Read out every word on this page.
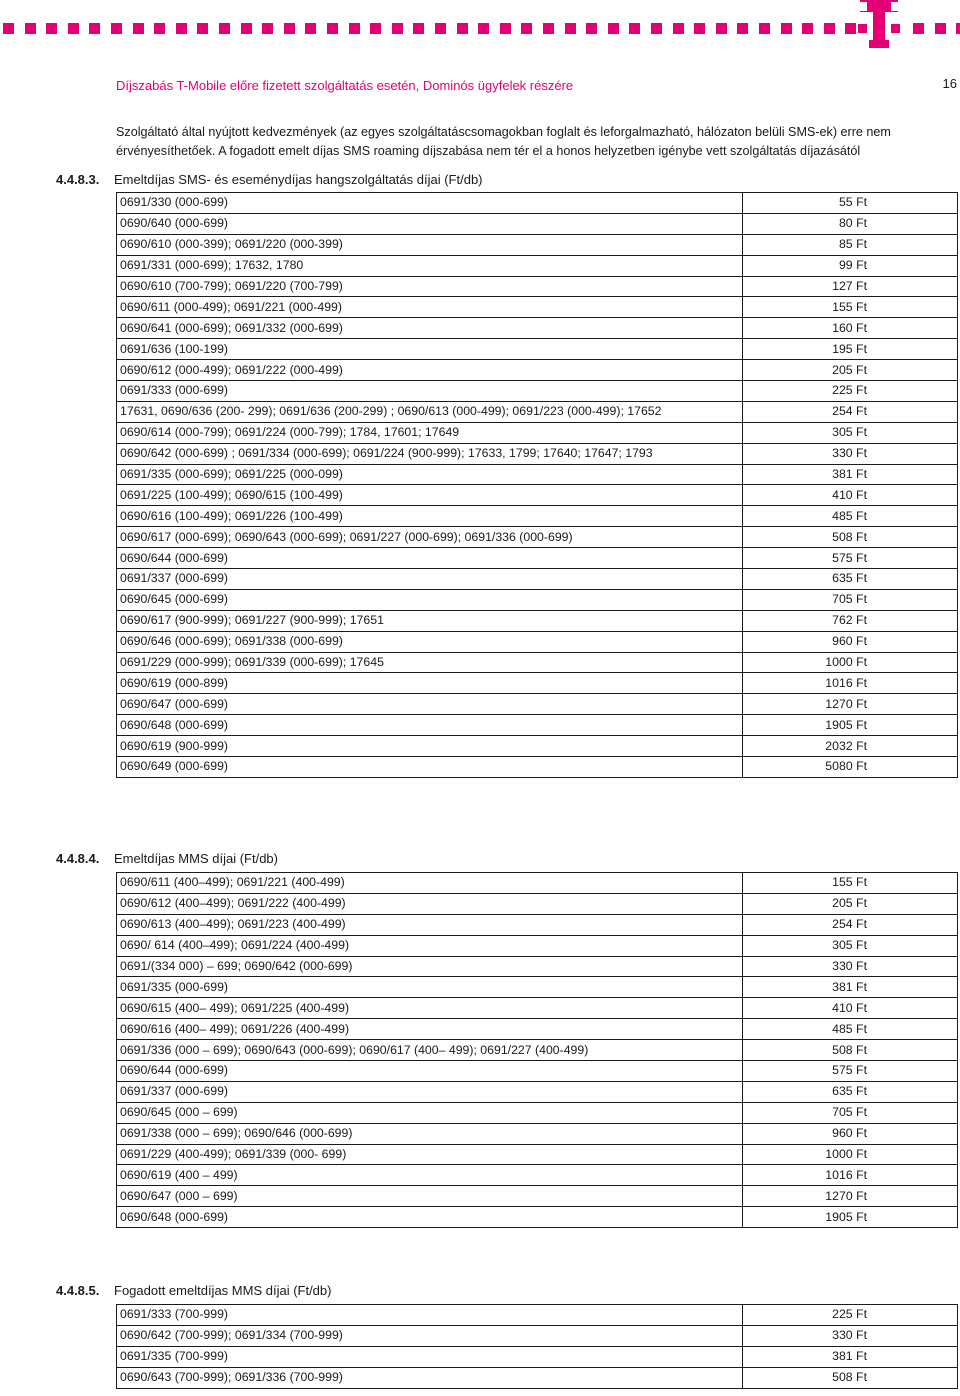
Díjszabás T-Mobile előre fizetett szolgáltatás esetén, Dominós ügyfelek részére	16
Szolgáltató által nyújtott kedvezmények (az egyes szolgáltatáscsomagokban foglalt és leforgalmazható, hálózaton belüli SMS-ek) erre nem érvényesíthetőek. A fogadott emelt díjas SMS roaming díjszabása nem tér el a honos helyzetben igénybe vett szolgáltatás díjazásától
4.4.8.3. Emeltdíjas SMS- és eseménydíjas hangszolgáltatás díjai (Ft/db)
0691/330 (000-699)	55 Ft
0690/640 (000-699)	80 Ft
0690/610 (000-399); 0691/220 (000-399)	85 Ft
0691/331 (000-699); 17632, 1780	99 Ft
0690/610 (700-799); 0691/220 (700-799)	127 Ft
0690/611 (000-499); 0691/221 (000-499)	155 Ft
0690/641 (000-699); 0691/332 (000-699)	160 Ft
0691/636 (100-199)	195 Ft
0690/612 (000-499); 0691/222 (000-499)	205 Ft
0691/333 (000-699)	225 Ft
17631, 0690/636 (200- 299); 0691/636 (200-299) ; 0690/613 (000-499); 0691/223 (000-499); 17652	254 Ft
0690/614 (000-799); 0691/224 (000-799); 1784, 17601; 17649	305 Ft
0690/642 (000-699) ; 0691/334 (000-699); 0691/224 (900-999); 17633, 1799; 17640; 17647; 1793	330 Ft
0691/335 (000-699); 0691/225 (000-099)	381 Ft
0691/225 (100-499); 0690/615 (100-499)	410 Ft
0690/616 (100-499); 0691/226 (100-499)	485 Ft
0690/617 (000-699); 0690/643 (000-699); 0691/227 (000-699); 0691/336 (000-699)	508 Ft
0690/644 (000-699)	575 Ft
0691/337 (000-699)	635 Ft
0690/645 (000-699)	705 Ft
0690/617 (900-999); 0691/227 (900-999); 17651	762 Ft
0690/646 (000-699); 0691/338 (000-699)	960 Ft
0691/229 (000-999); 0691/339 (000-699); 17645	1000 Ft
0690/619 (000-899)	1016 Ft
0690/647 (000-699)	1270 Ft
0690/648 (000-699)	1905 Ft
0690/619 (900-999)	2032 Ft
0690/649 (000-699)	5080 Ft
4.4.8.4. Emeltdíjas MMS díjai (Ft/db)
0690/611 (400–499); 0691/221 (400-499)	155 Ft
0690/612 (400–499); 0691/222 (400-499)	205 Ft
0690/613 (400–499); 0691/223 (400-499)	254 Ft
0690/ 614 (400–499); 0691/224 (400-499)	305 Ft
0691/(334 000) – 699; 0690/642 (000-699)	330 Ft
0691/335 (000-699)	381 Ft
0690/615 (400– 499); 0691/225 (400-499)	410 Ft
0690/616 (400– 499); 0691/226 (400-499)	485 Ft
0691/336 (000 – 699); 0690/643 (000-699); 0690/617 (400– 499); 0691/227 (400-499)	508 Ft
0690/644 (000-699)	575 Ft
0691/337 (000-699)	635 Ft
0690/645 (000 – 699)	705 Ft
0691/338 (000 – 699); 0690/646 (000-699)	960 Ft
0691/229 (400-499); 0691/339 (000- 699)	1000 Ft
0690/619 (400 – 499)	1016 Ft
0690/647 (000 – 699)	1270 Ft
0690/648 (000-699)	1905 Ft
4.4.8.5. Fogadott emeltdíjas MMS díjai (Ft/db)
0691/333 (700-999)	225 Ft
0690/642 (700-999); 0691/334 (700-999)	330 Ft
0691/335 (700-999)	381 Ft
0690/643 (700-999); 0691/336 (700-999)	508 Ft
